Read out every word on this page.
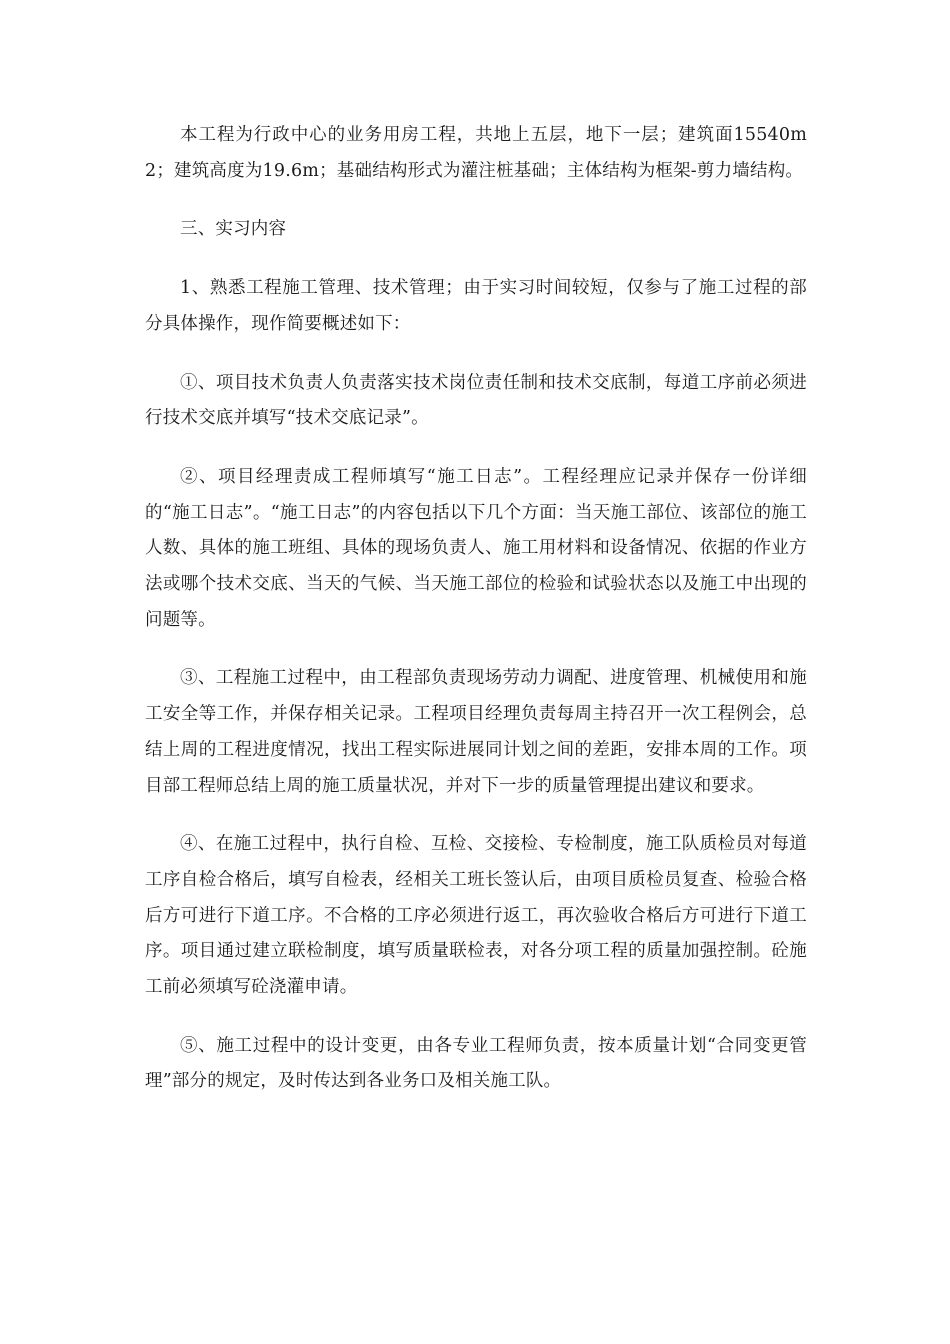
本工程为行政中心的业务用房工程，共地上五层，地下一层；建筑面15540m2；建筑高度为19.6m；基础结构形式为灌注桩基础；主体结构为框架-剪力墙结构。

三、实习内容

1、熟悉工程施工管理、技术管理；由于实习时间较短，仅参与了施工过程的部分具体操作，现作简要概述如下：

①、项目技术负责人负责落实技术岗位责任制和技术交底制，每道工序前必须进行技术交底并填写“技术交底记录”。

②、项目经理责成工程师填写“施工日志”。工程经理应记录并保存一份详细的“施工日志”。“施工日志”的内容包括以下几个方面：当天施工部位、该部位的施工人数、具体的施工班组、具体的现场负责人、施工用材料和设备情况、依据的作业方法或哪个技术交底、当天的气候、当天施工部位的检验和试验状态以及施工中出现的问题等。

③、工程施工过程中，由工程部负责现场劳动力调配、进度管理、机械使用和施工安全等工作，并保存相关记录。工程项目经理负责每周主持召开一次工程例会，总结上周的工程进度情况，找出工程实际进展同计划之间的差距，安排本周的工作。项目部工程师总结上周的施工质量状况，并对下一步的质量管理提出建议和要求。

④、在施工过程中，执行自检、互检、交接检、专检制度，施工队质检员对每道工序自检合格后，填写自检表，经相关工班长签认后，由项目质检员复查、检验合格后方可进行下道工序。不合格的工序必须进行返工，再次验收合格后方可进行下道工序。项目通过建立联检制度，填写质量联检表，对各分项工程的质量加强控制。砼施工前必须填写砼浇灌申请。

⑤、施工过程中的设计变更，由各专业工程师负责，按本质量计划“合同变更管理”部分的规定，及时传达到各业务口及相关施工队。
